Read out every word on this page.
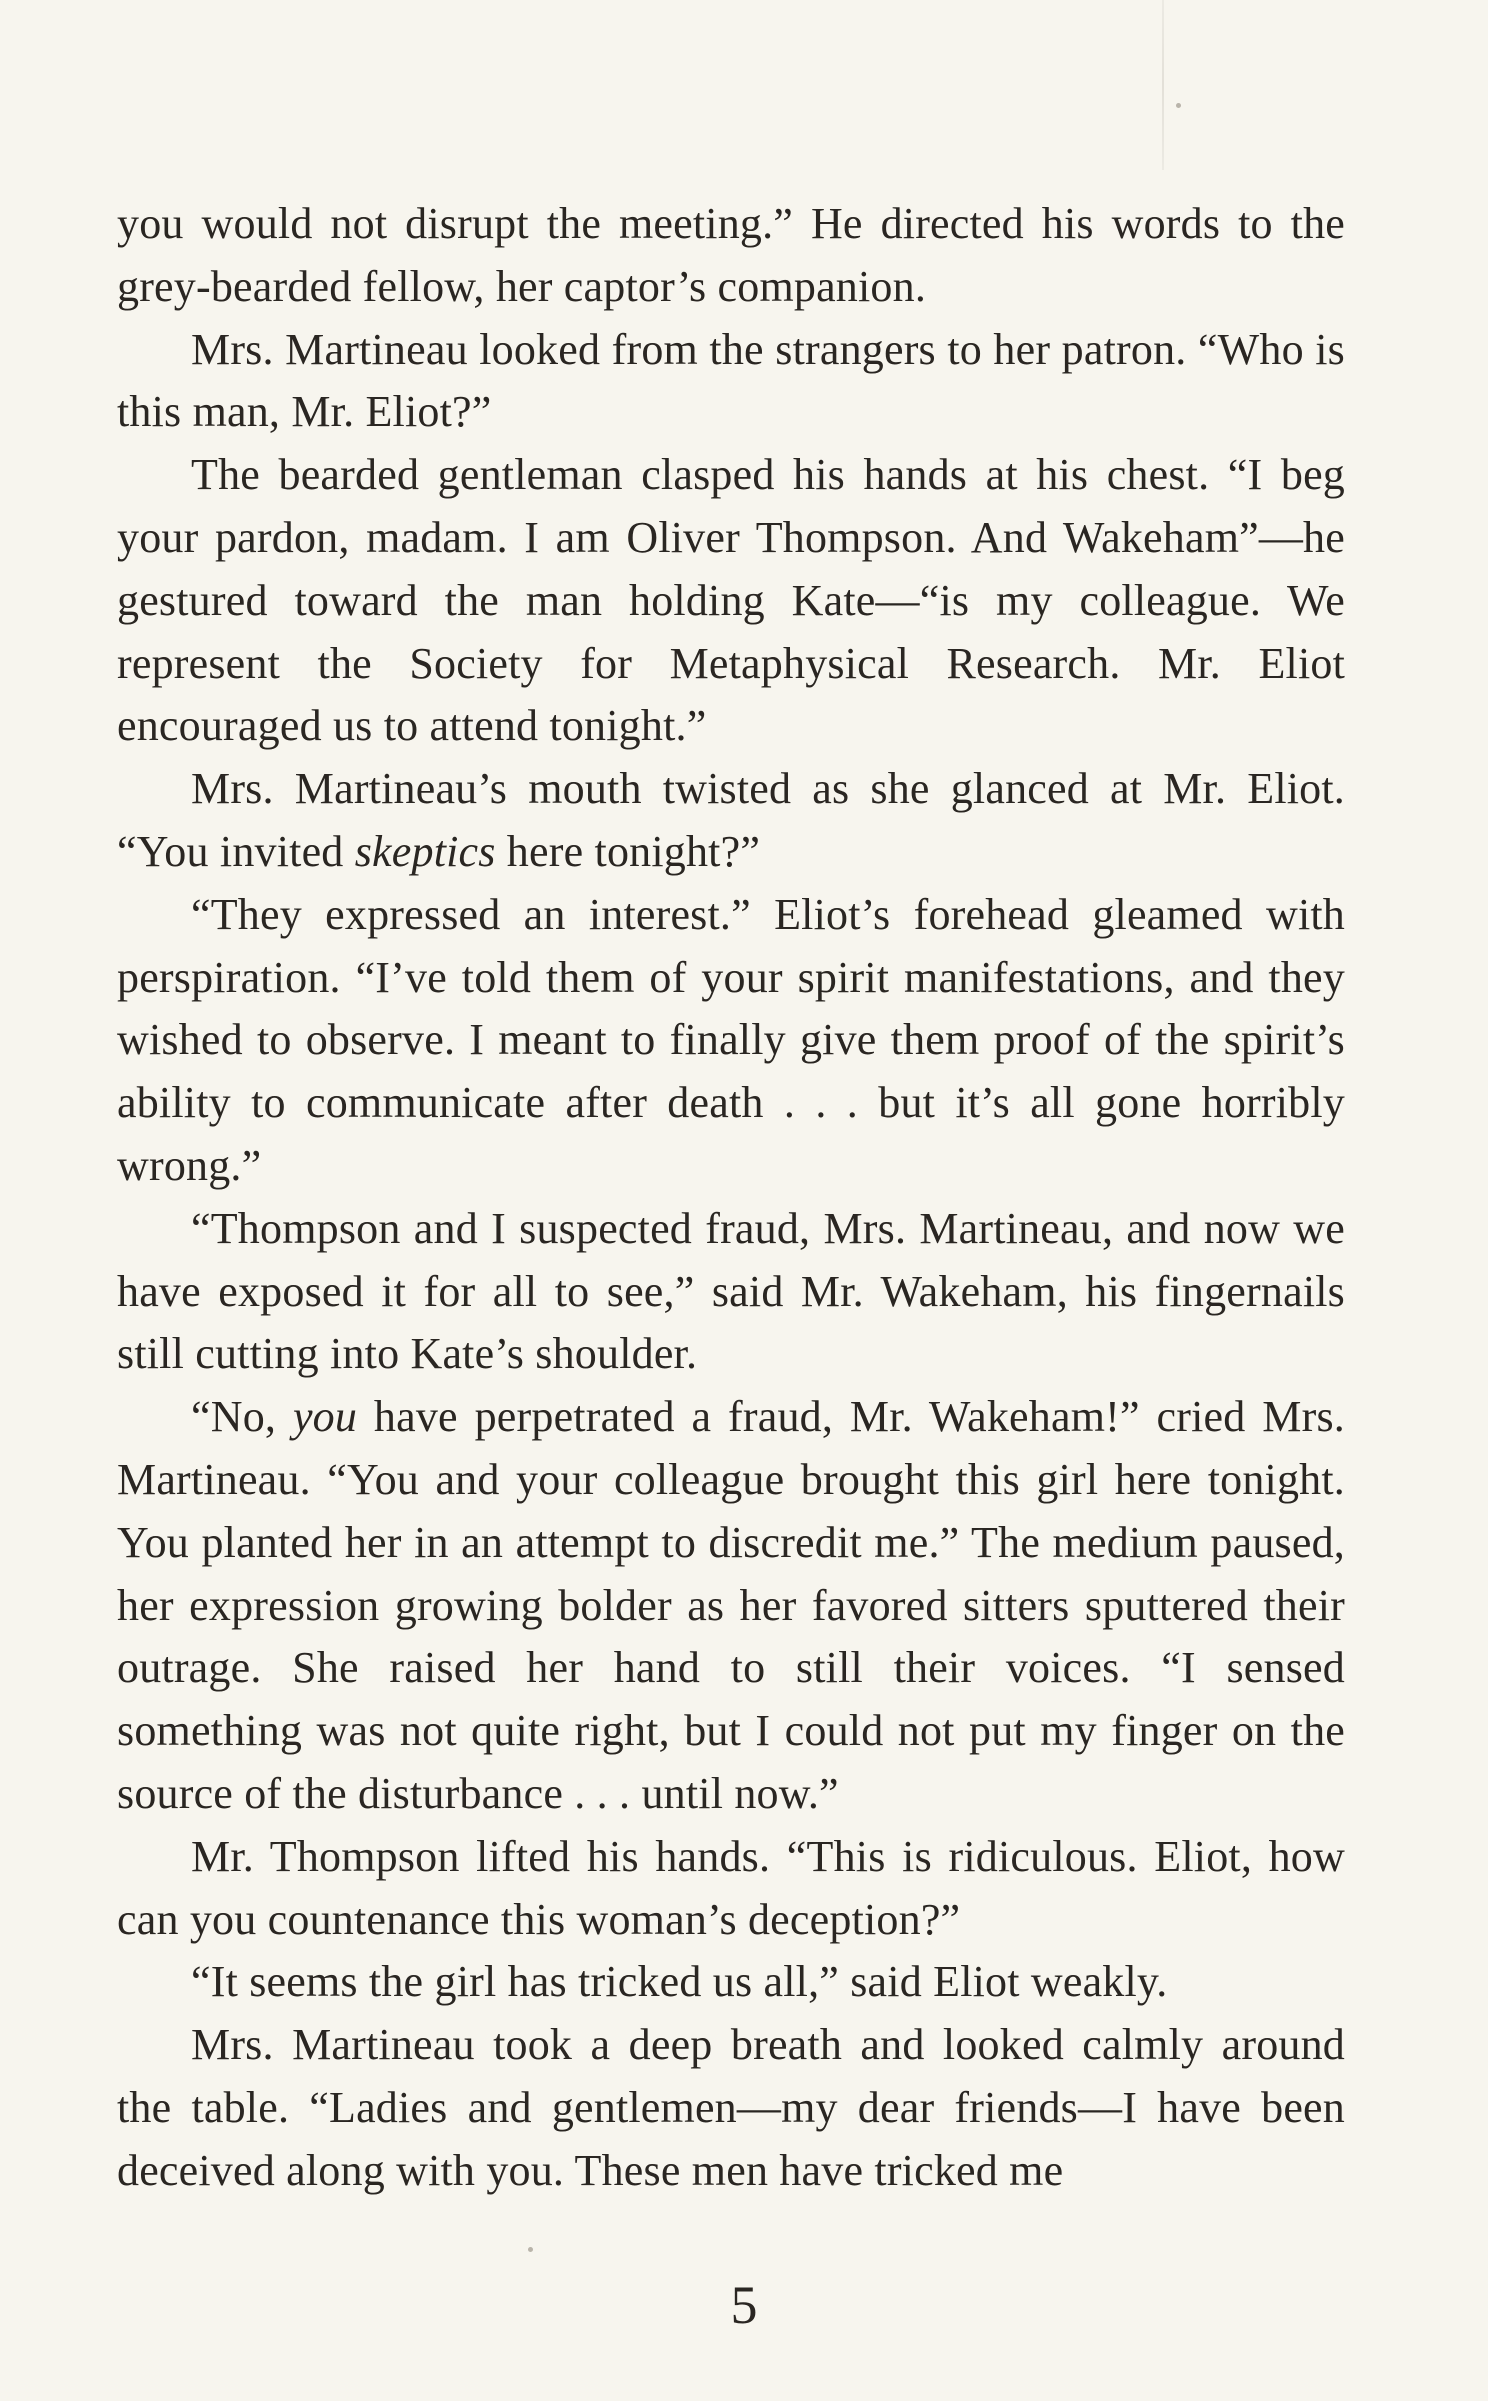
you would not disrupt the meeting.” He directed his words to the grey-bearded fellow, her captor’s companion.

Mrs. Martineau looked from the strangers to her patron. “Who is this man, Mr. Eliot?”

The bearded gentleman clasped his hands at his chest. “I beg your pardon, madam. I am Oliver Thompson. And Wakeham”—he gestured toward the man holding Kate—“is my colleague. We represent the Society for Metaphysical Research. Mr. Eliot encouraged us to attend tonight.”

Mrs. Martineau’s mouth twisted as she glanced at Mr. Eliot. “You invited skeptics here tonight?”

“They expressed an interest.” Eliot’s forehead gleamed with perspiration. “I’ve told them of your spirit manifestations, and they wished to observe. I meant to finally give them proof of the spirit’s ability to communicate after death . . . but it’s all gone horribly wrong.”

“Thompson and I suspected fraud, Mrs. Martineau, and now we have exposed it for all to see,” said Mr. Wakeham, his fingernails still cutting into Kate’s shoulder.

“No, you have perpetrated a fraud, Mr. Wakeham!” cried Mrs. Martineau. “You and your colleague brought this girl here tonight. You planted her in an attempt to discredit me.” The medium paused, her expression growing bolder as her favored sitters sputtered their outrage. She raised her hand to still their voices. “I sensed something was not quite right, but I could not put my finger on the source of the disturbance . . . until now.”

Mr. Thompson lifted his hands. “This is ridiculous. Eliot, how can you countenance this woman’s deception?”

“It seems the girl has tricked us all,” said Eliot weakly.

Mrs. Martineau took a deep breath and looked calmly around the table. “Ladies and gentlemen—my dear friends—I have been deceived along with you. These men have tricked me

5
